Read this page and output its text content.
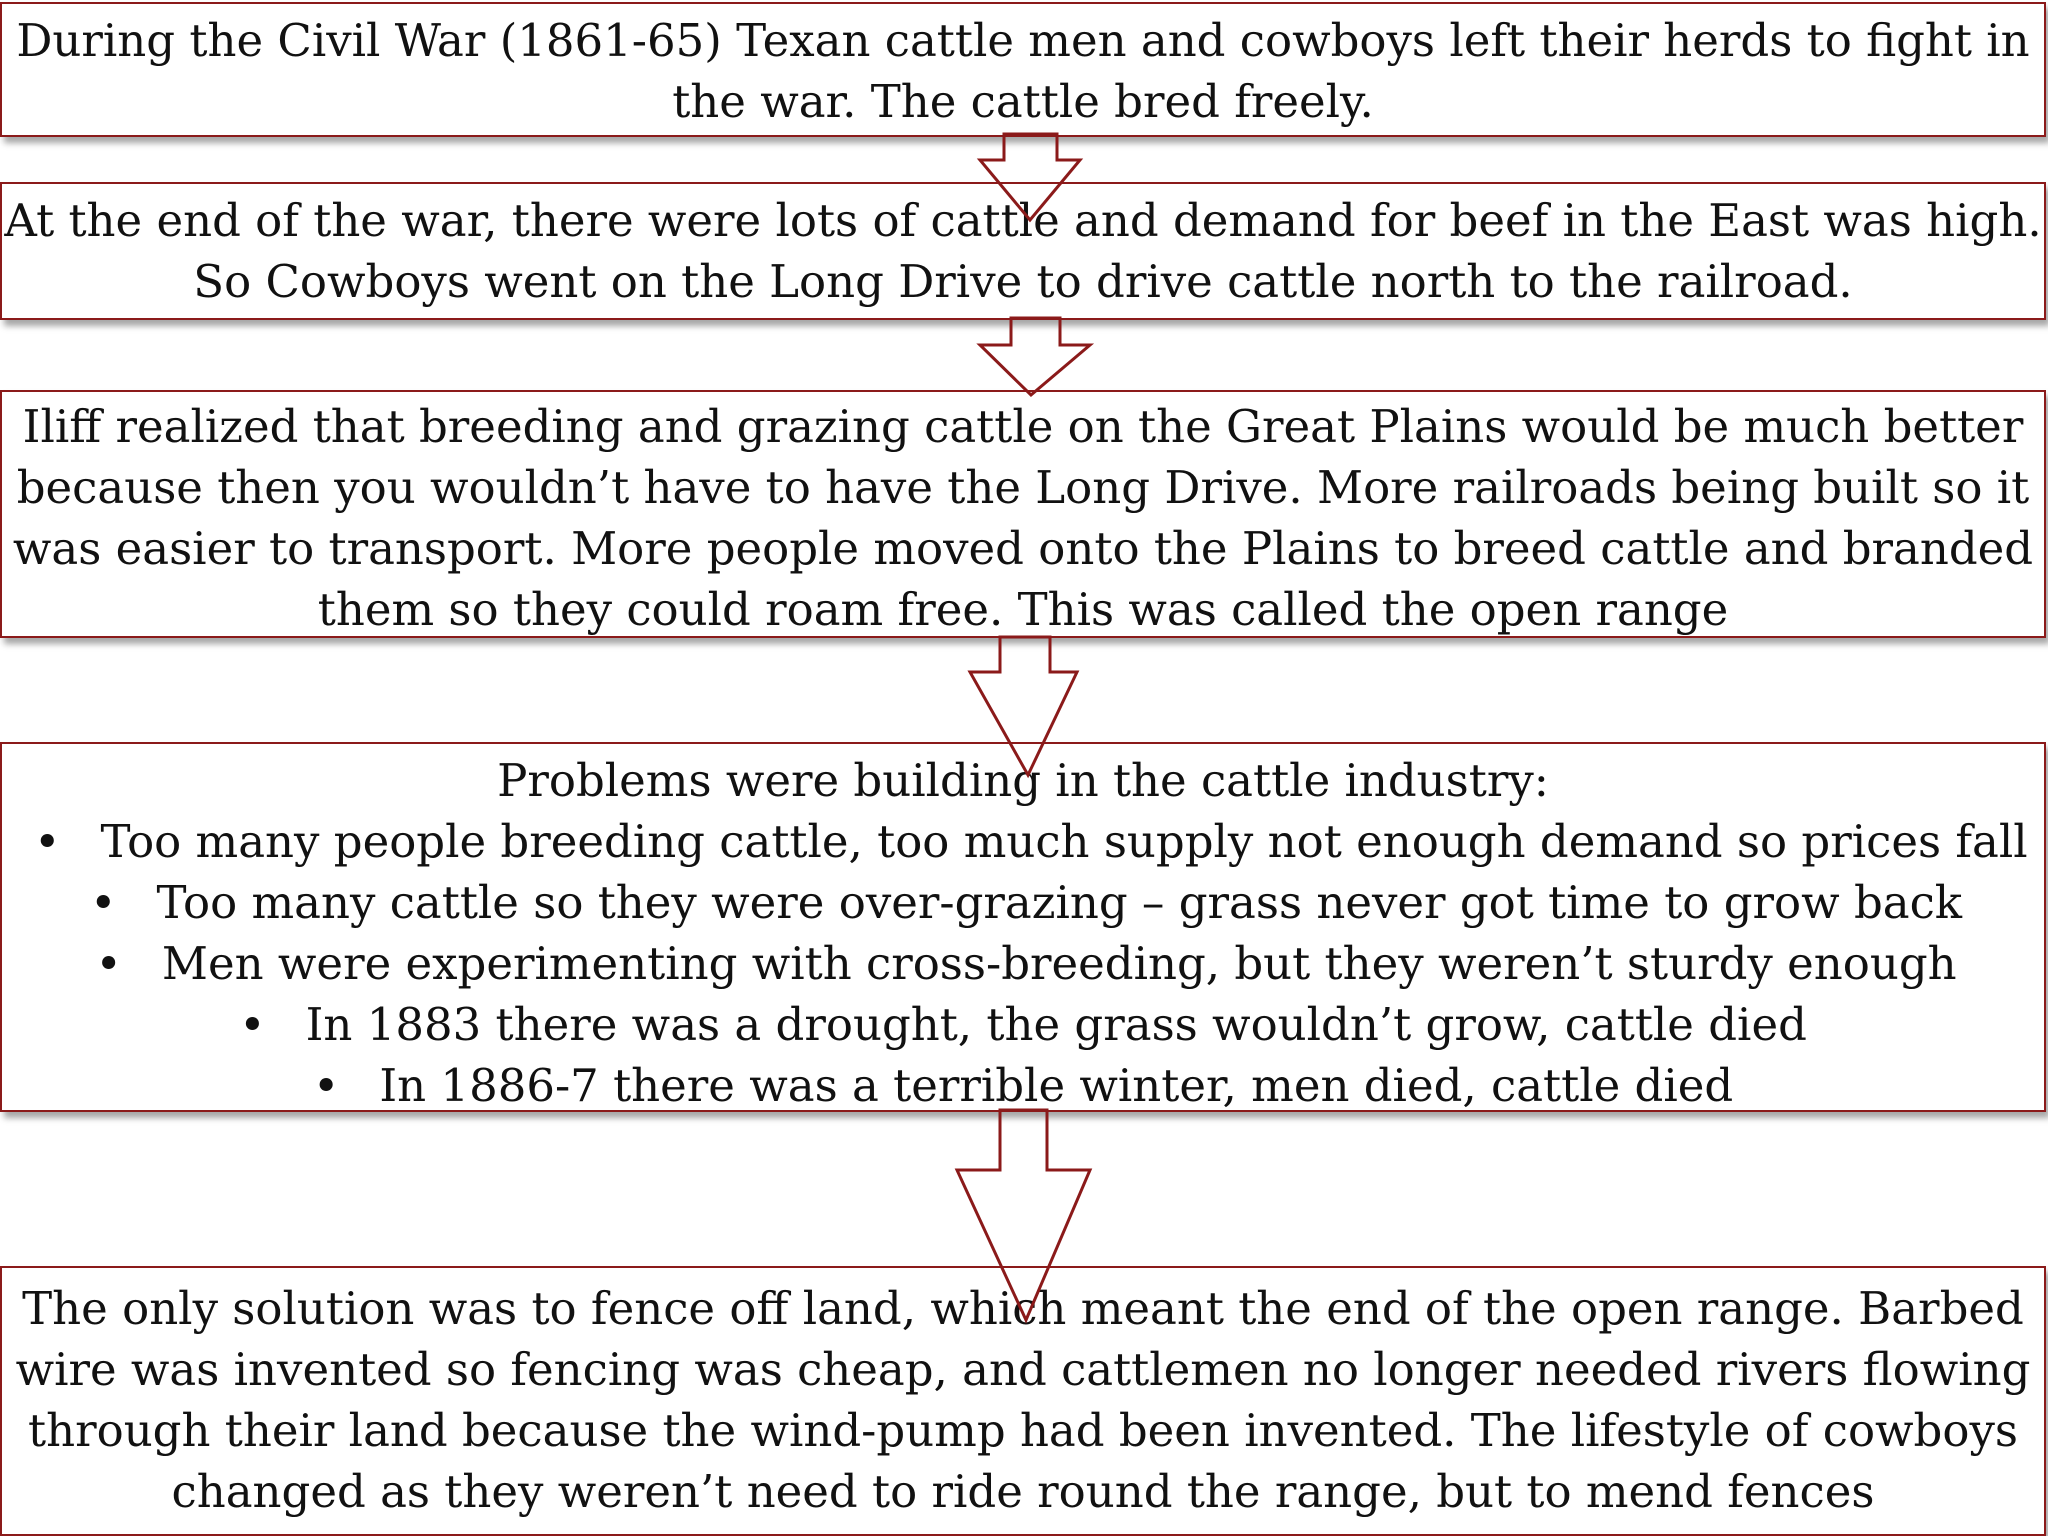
During the Civil War (1861-65) Texan cattle men and cowboys left their herds to fight in
the war. The cattle bred freely.
At the end of the war, there were lots of cattle and demand for beef in the East was high.
So Cowboys went on the Long Drive to drive cattle north to the railroad.
Iliff realized that breeding and grazing cattle on the Great Plains would be much better
because then you wouldn’t have to have the Long Drive. More railroads being built so it
was easier to transport. More people moved onto the Plains to breed cattle and branded
them so they could roam free. This was called the open range
Problems were building in the cattle industry:
• Too many people breeding cattle, too much supply not enough demand so prices fall
• Too many cattle so they were over-grazing – grass never got time to grow back
• Men were experimenting with cross-breeding, but they weren’t sturdy enough
• In 1883 there was a drought, the grass wouldn’t grow, cattle died
• In 1886-7 there was a terrible winter, men died, cattle died
The only solution was to fence off land, which meant the end of the open range. Barbed
wire was invented so fencing was cheap, and cattlemen no longer needed rivers flowing
through their land because the wind-pump had been invented. The lifestyle of cowboys
changed as they weren’t need to ride round the range, but to mend fences
